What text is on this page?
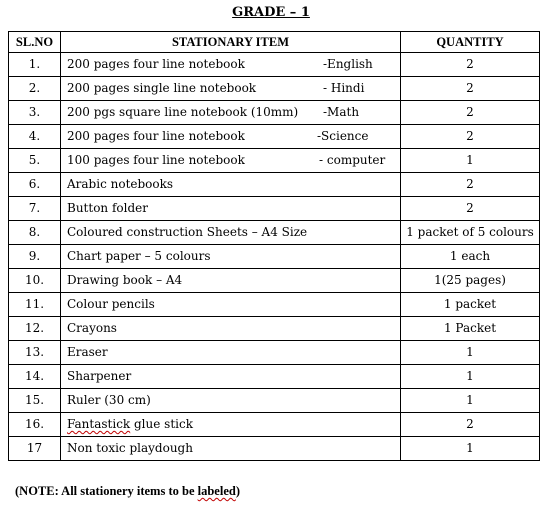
GRADE – 1
SL.NO	STATIONARY ITEM	QUANTITY
1.	200 pages four line notebook -English	2
2.	200 pages single line notebook - Hindi	2
3.	200 pgs square line notebook (10mm) -Math	2
4.	200 pages four line notebook -Science	2
5.	100 pages four line notebook - computer	1
6.	Arabic notebooks	2
7.	Button folder	2
8.	Coloured construction Sheets – A4 Size	1 packet of 5 colours
9.	Chart paper – 5 colours	1 each
10.	Drawing book – A4	1(25 pages)
11.	Colour pencils	1 packet
12.	Crayons	1 Packet
13.	Eraser	1
14.	Sharpener	1
15.	Ruler (30 cm)	1
16.	Fantastick glue stick	2
17	Non toxic playdough	1
(NOTE: All stationery items to be labeled)
